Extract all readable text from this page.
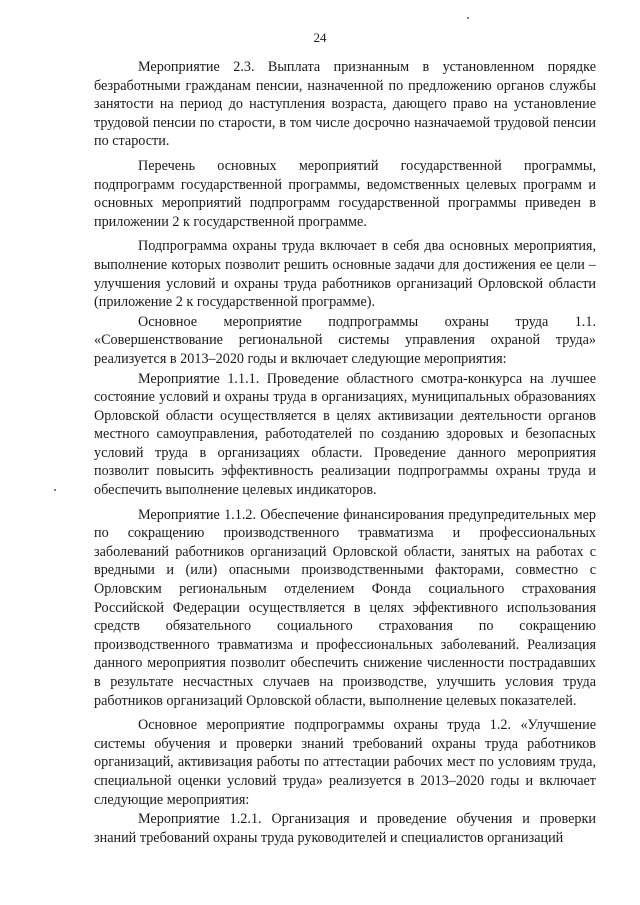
24

Мероприятие 2.3. Выплата признанным в установленном порядке безработными гражданам пенсии, назначенной по предложению органов службы занятости на период до наступления возраста, дающего право на установление трудовой пенсии по старости, в том числе досрочно назначаемой трудовой пенсии по старости.

Перечень основных мероприятий государственной программы, подпрограмм государственной программы, ведомственных целевых программ и основных мероприятий подпрограмм государственной программы приведен в приложении 2 к государственной программе.

Подпрограмма охраны труда включает в себя два основных мероприятия, выполнение которых позволит решить основные задачи для достижения ее цели – улучшения условий и охраны труда работников организаций Орловской области (приложение 2 к государственной программе).

Основное мероприятие подпрограммы охраны труда 1.1. «Совершенствование региональной системы управления охраной труда» реализуется в 2013–2020 годы и включает следующие мероприятия:

Мероприятие 1.1.1. Проведение областного смотра-конкурса на лучшее состояние условий и охраны труда в организациях, муниципальных образованиях Орловской области осуществляется в целях активизации деятельности органов местного самоуправления, работодателей по созданию здоровых и безопасных условий труда в организациях области. Проведение данного мероприятия позволит повысить эффективность реализации подпрограммы охраны труда и обеспечить выполнение целевых индикаторов.

Мероприятие 1.1.2. Обеспечение финансирования предупредительных мер по сокращению производственного травматизма и профессиональных заболеваний работников организаций Орловской области, занятых на работах с вредными и (или) опасными производственными факторами, совместно с Орловским региональным отделением Фонда социального страхования Российской Федерации осуществляется в целях эффективного использования средств обязательного социального страхования по сокращению производственного травматизма и профессиональных заболеваний. Реализация данного мероприятия позволит обеспечить снижение численности пострадавших в результате несчастных случаев на производстве, улучшить условия труда работников организаций Орловской области, выполнение целевых показателей.

Основное мероприятие подпрограммы охраны труда 1.2. «Улучшение системы обучения и проверки знаний требований охраны труда работников организаций, активизация работы по аттестации рабочих мест по условиям труда, специальной оценки условий труда» реализуется в 2013–2020 годы и включает следующие мероприятия:

Мероприятие 1.2.1. Организация и проведение обучения и проверки знаний требований охраны труда руководителей и специалистов организаций
